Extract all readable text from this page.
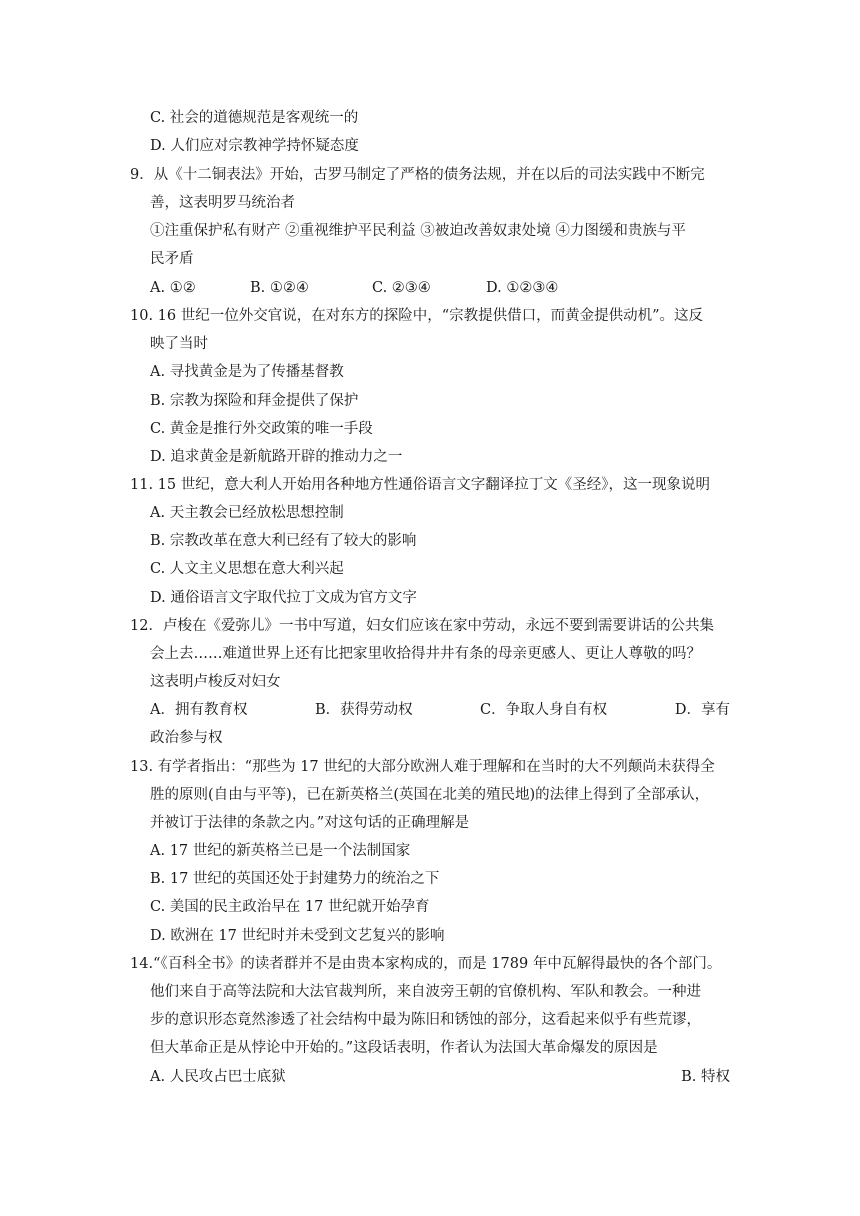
C. 社会的道德规范是客观统一的
D. 人们应对宗教神学持怀疑态度
9．从《十二铜表法》开始，古罗马制定了严格的债务法规，并在以后的司法实践中不断完
善，这表明罗马统治者
①注重保护私有财产 ②重视维护平民利益 ③被迫改善奴隶处境 ④力图缓和贵族与平
民矛盾
A. ①②	B. ①②④	C. ②③④	D. ①②③④
10. 16 世纪一位外交官说，在对东方的探险中，“宗教提供借口，而黄金提供动机”。这反
映了当时
A. 寻找黄金是为了传播基督教
B. 宗教为探险和拜金提供了保护
C. 黄金是推行外交政策的唯一手段
D. 追求黄金是新航路开辟的推动力之一
11. 15 世纪，意大利人开始用各种地方性通俗语言文字翻译拉丁文《圣经》，这一现象说明
A. 天主教会已经放松思想控制
B. 宗教改革在意大利已经有了较大的影响
C. 人文主义思想在意大利兴起
D. 通俗语言文字取代拉丁文成为官方文字
12．卢梭在《爱弥儿》一书中写道，妇女们应该在家中劳动，永远不要到需要讲话的公共集
会上去……难道世界上还有比把家里收拾得井井有条的母亲更感人、更让人尊敬的吗？
这表明卢梭反对妇女
A．拥有教育权	B．获得劳动权	C．争取人身自有权	D．享有
政治参与权
13. 有学者指出：“那些为 17 世纪的大部分欧洲人难于理解和在当时的大不列颠尚未获得全
胜的原则(自由与平等)，已在新英格兰(英国在北美的殖民地)的法律上得到了全部承认，
并被订于法律的条款之内。”对这句话的正确理解是
A. 17 世纪的新英格兰已是一个法制国家
B. 17 世纪的英国还处于封建势力的统治之下
C. 美国的民主政治早在 17 世纪就开始孕育
D. 欧洲在 17 世纪时并未受到文艺复兴的影响
14.“《百科全书》的读者群并不是由贵本家构成的，而是 1789 年中瓦解得最快的各个部门。
他们来自于高等法院和大法官裁判所，来自波旁王朝的官僚机构、军队和教会。一种进
步的意识形态竟然渗透了社会结构中最为陈旧和锈蚀的部分，这看起来似乎有些荒谬，
但大革命正是从悖论中开始的。”这段话表明，作者认为法国大革命爆发的原因是
A. 人民攻占巴士底狱	B. 特权
